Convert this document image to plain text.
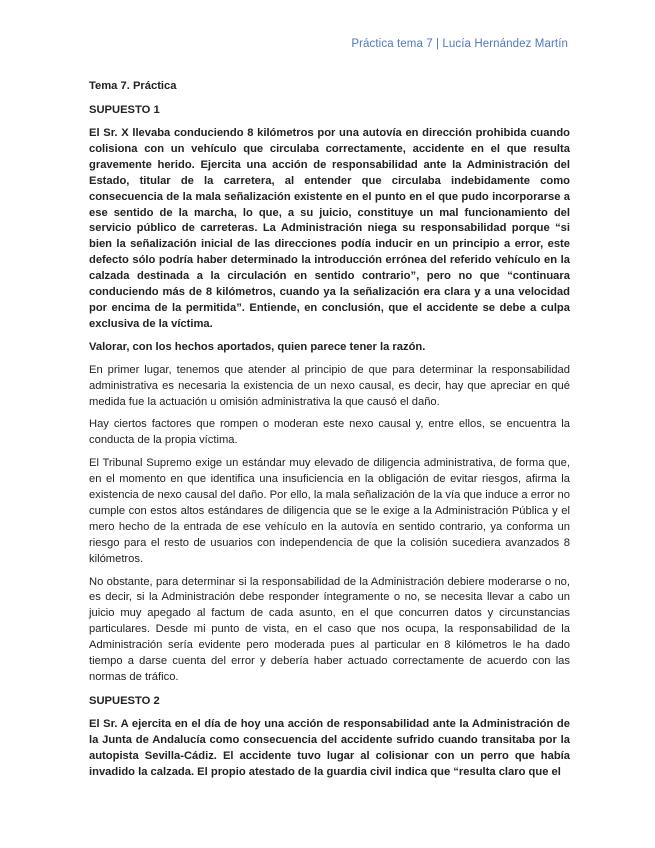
Práctica tema 7 | Lucía Hernández Martín
Tema 7. Práctica
SUPUESTO 1

El Sr. X llevaba conduciendo 8 kilómetros por una autovía en dirección prohibida cuando colisiona con un vehículo que circulaba correctamente, accidente en el que resulta gravemente herido. Ejercita una acción de responsabilidad ante la Administración del Estado, titular de la carretera, al entender que circulaba indebidamente como consecuencia de la mala señalización existente en el punto en el que pudo incorporarse a ese sentido de la marcha, lo que, a su juicio, constituye un mal funcionamiento del servicio público de carreteras. La Administración niega su responsabilidad porque “si bien la señalización inicial de las direcciones podía inducir en un principio a error, este defecto sólo podría haber determinado la introducción errónea del referido vehículo en la calzada destinada a la circulación en sentido contrario”, pero no que “continuara conduciendo más de 8 kilómetros, cuando ya la señalización era clara y a una velocidad por encima de la permitida”. Entiende, en conclusión, que el accidente se debe a culpa exclusiva de la víctima.

Valorar, con los hechos aportados, quien parece tener la razón.

En primer lugar, tenemos que atender al principio de que para determinar la responsabilidad administrativa es necesaria la existencia de un nexo causal, es decir, hay que apreciar en qué medida fue la actuación u omisión administrativa la que causó el daño.

Hay ciertos factores que rompen o moderan este nexo causal y, entre ellos, se encuentra la conducta de la propia víctima.

El Tribunal Supremo exige un estándar muy elevado de diligencia administrativa, de forma que, en el momento en que identifica una insuficiencia en la obligación de evitar riesgos, afirma la existencia de nexo causal del daño. Por ello, la mala señalización de la vía que induce a error no cumple con estos altos estándares de diligencia que se le exige a la Administración Pública y el mero hecho de la entrada de ese vehículo en la autovía en sentido contrario, ya conforma un riesgo para el resto de usuarios con independencia de que la colisión sucediera avanzados 8 kilómetros.

No obstante, para determinar si la responsabilidad de la Administración debiere moderarse o no, es decir, si la Administración debe responder íntegramente o no, se necesita llevar a cabo un juicio muy apegado al factum de cada asunto, en el que concurren datos y circunstancias particulares. Desde mi punto de vista, en el caso que nos ocupa, la responsabilidad de la Administración sería evidente pero moderada pues al particular en 8 kilómetros le ha dado tiempo a darse cuenta del error y debería haber actuado correctamente de acuerdo con las normas de tráfico.

SUPUESTO 2

El Sr. A ejercita en el día de hoy una acción de responsabilidad ante la Administración de la Junta de Andalucía como consecuencia del accidente sufrido cuando transitaba por la autopista Sevilla-Cádiz. El accidente tuvo lugar al colisionar con un perro que había invadido la calzada. El propio atestado de la guardia civil indica que “resulta claro que el
